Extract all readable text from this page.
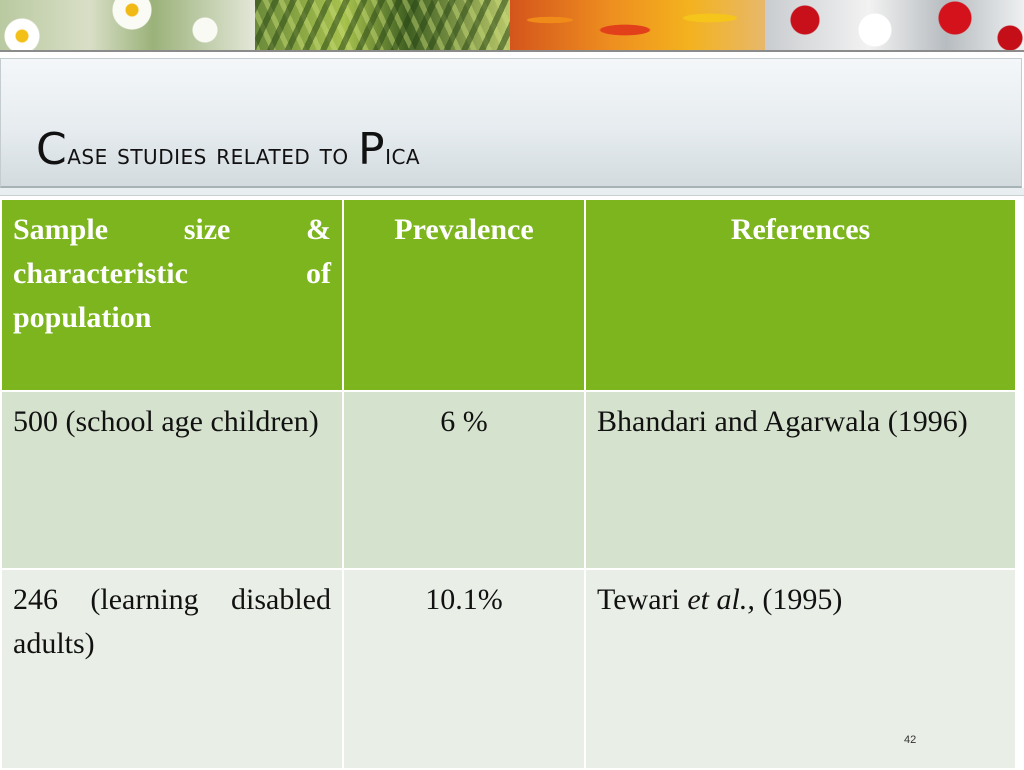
Case studies related to Pica
Sample size & characteristic of population	Prevalence	References
500 (school age children)	6 %	Bhandari and Agarwala (1996)
246 (learning disabled adults)	10.1%	Tewari et al., (1995)
42
